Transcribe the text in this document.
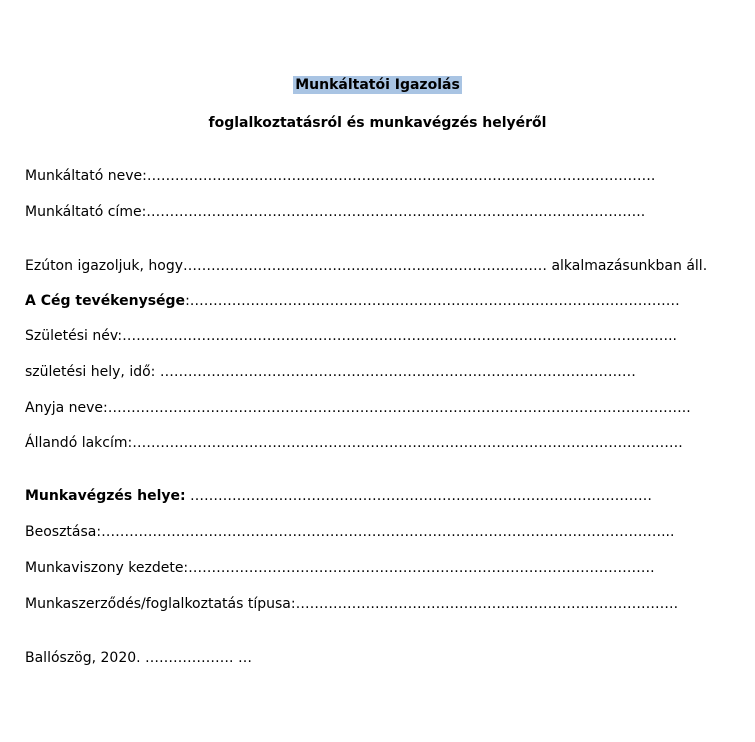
Munkáltatói Igazolás
foglalkoztatásról és munkavégzés helyéről
Munkáltató neve:……………………………………………………………………………………………….
Munkáltató címe:……………………………………………………………………………………………..
Ezúton igazoljuk, hogy…………………………………………………………………… alkalmazásunkban áll.
A Cég tevékenysége:……………………………………………………………………………………………
Születési név:………………………………………………………………………………………………………..
születési hely, idő: …………………………………………………………………………………………
Anyja neve:……………………………………………………………………………………………………………..
Állandó lakcím:……………………………………………………………………………………………………….
Munkavégzés helye: ………………………………………………………………………………………
Beosztása:…………………………………………………………………………………………………………...
Munkaviszony kezdete:……………………………………………………………………………………….
Munkaszerződés/foglalkoztatás típusa:……………………………………………………………………….
Ballószög, 2020. ………………. …
